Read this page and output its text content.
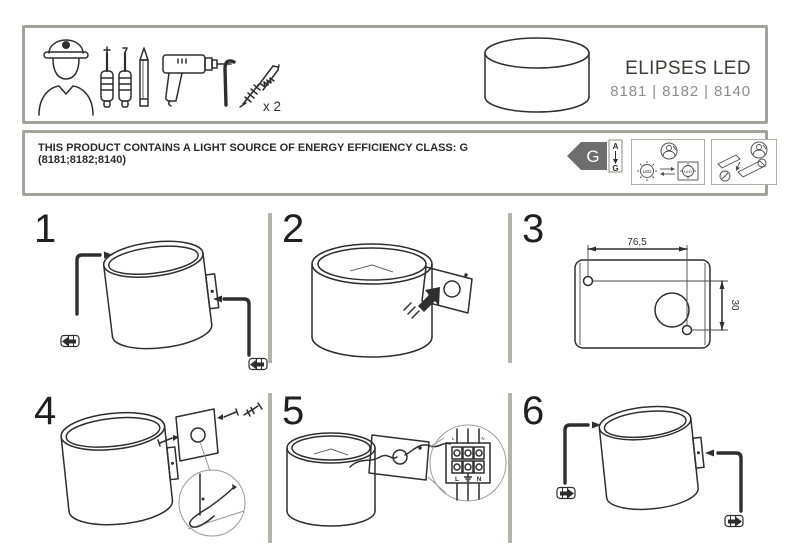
x 2
ELIPSES LED
8181 | 8182 | 8140
THIS PRODUCT CONTAINS A LIGHT SOURCE OF ENERGY EFFICIENCY CLASS: G (8181;8182;8140)	G
A
G	LED	LED
1	2	3
4	5	6
76,5
30
L	N
L	N
